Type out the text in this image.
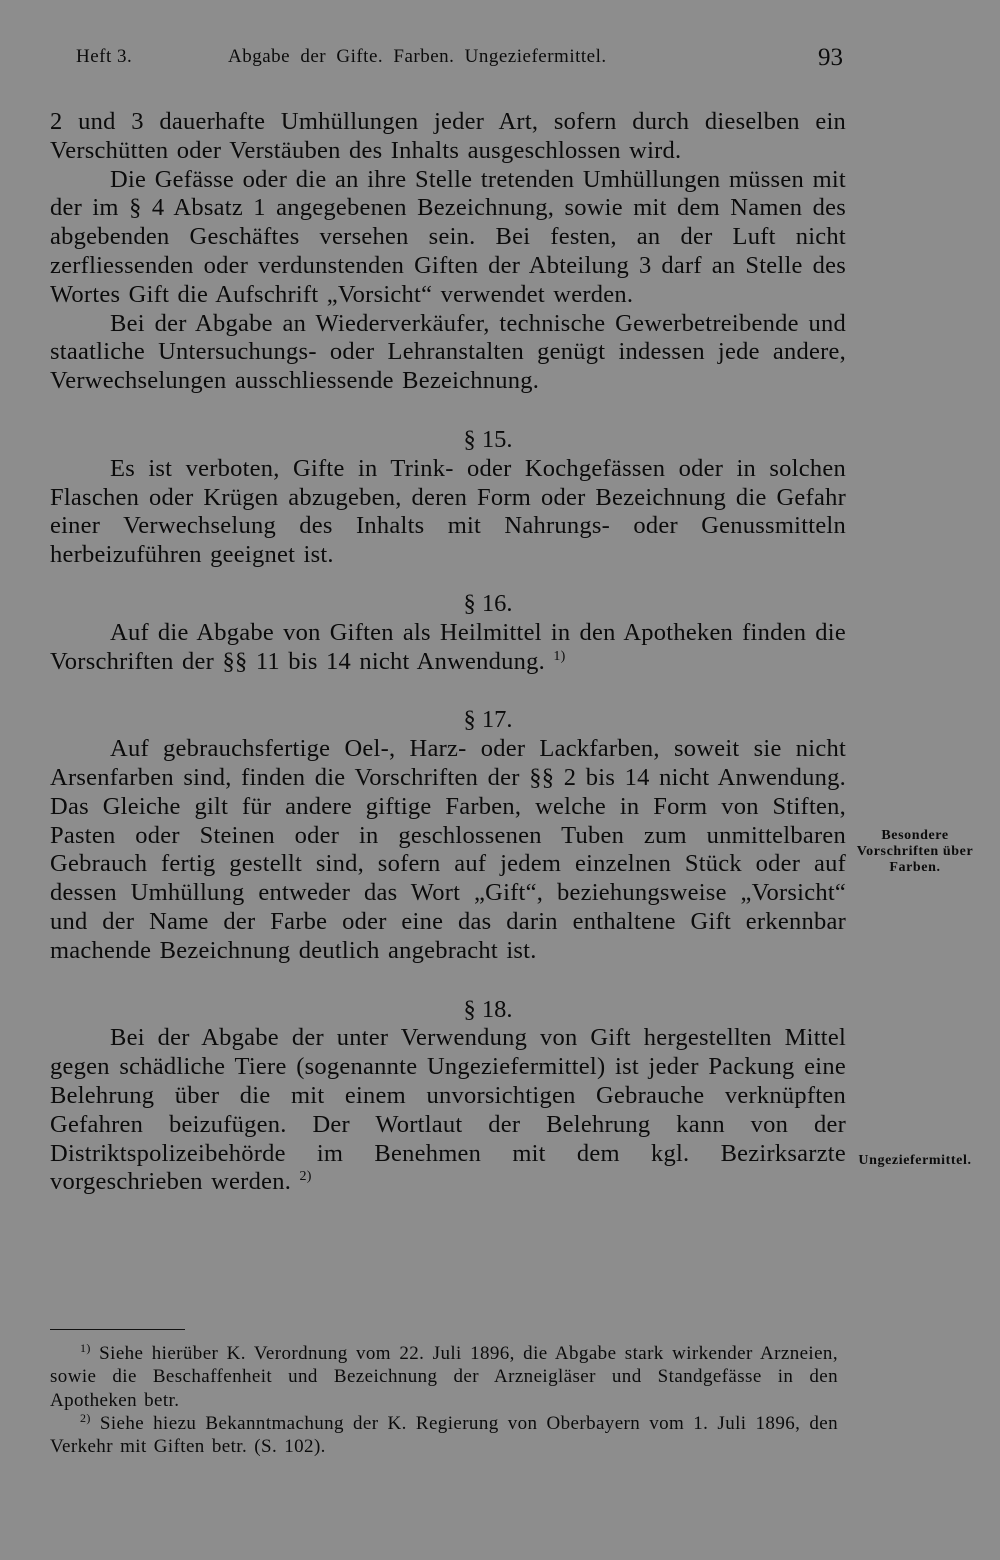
Heft 3.	Abgabe der Gifte. Farben. Ungeziefermittel.	93

2 und 3 dauerhafte Umhüllungen jeder Art, sofern durch dieselben ein Verschütten oder Verstäuben des Inhalts ausgeschlossen wird.

Die Gefässe oder die an ihre Stelle tretenden Umhüllungen müssen mit der im § 4 Absatz 1 angegebenen Bezeichnung, sowie mit dem Namen des abgebenden Geschäftes versehen sein. Bei festen, an der Luft nicht zerfliessenden oder verdunstenden Giften der Abteilung 3 darf an Stelle des Wortes Gift die Aufschrift „Vorsicht“ verwendet werden.

Bei der Abgabe an Wiederverkäufer, technische Gewerbetreibende und staatliche Untersuchungs- oder Lehranstalten genügt indessen jede andere, Verwechselungen ausschliessende Bezeichnung.

§ 15.

Es ist verboten, Gifte in Trink- oder Kochgefässen oder in solchen Flaschen oder Krügen abzugeben, deren Form oder Bezeichnung die Gefahr einer Verwechselung des Inhalts mit Nahrungs- oder Genussmitteln herbeizuführen geeignet ist.

§ 16.

Auf die Abgabe von Giften als Heilmittel in den Apotheken finden die Vorschriften der §§ 11 bis 14 nicht Anwendung. $^{1)}$

§ 17.

Auf gebrauchsfertige Oel-, Harz- oder Lackfarben, soweit sie nicht Arsenfarben sind, finden die Vorschriften der §§ 2 bis 14 nicht Anwendung. Das Gleiche gilt für andere giftige Farben, welche in Form von Stiften, Pasten oder Steinen oder in geschlossenen Tuben zum unmittelbaren Gebrauch fertig gestellt sind, sofern auf jedem einzelnen Stück oder auf dessen Umhüllung entweder das Wort „Gift“, beziehungsweise „Vorsicht“ und der Name der Farbe oder eine das darin enthaltene Gift erkennbar machende Bezeichnung deutlich angebracht ist.

§ 18.

Bei der Abgabe der unter Verwendung von Gift hergestellten Mittel gegen schädliche Tiere (sogenannte Ungeziefermittel) ist jeder Packung eine Belehrung über die mit einem unvorsichtigen Gebrauche verknüpften Gefahren beizufügen. Der Wortlaut der Belehrung kann von der Distriktspolizeibehörde im Benehmen mit dem kgl. Bezirksarzte vorgeschrieben werden. $^{2)}$

Besondere Vorschriften über Farben.
Ungeziefermittel.

$^{1)}$ Siehe hierüber K. Verordnung vom 22. Juli 1896, die Abgabe stark wirkender Arzneien, sowie die Beschaffenheit und Bezeichnung der Arzneigläser und Standgefässe in den Apotheken betr.

$^{2)}$ Siehe hiezu Bekanntmachung der K. Regierung von Oberbayern vom 1. Juli 1896, den Verkehr mit Giften betr. (S. 102).
